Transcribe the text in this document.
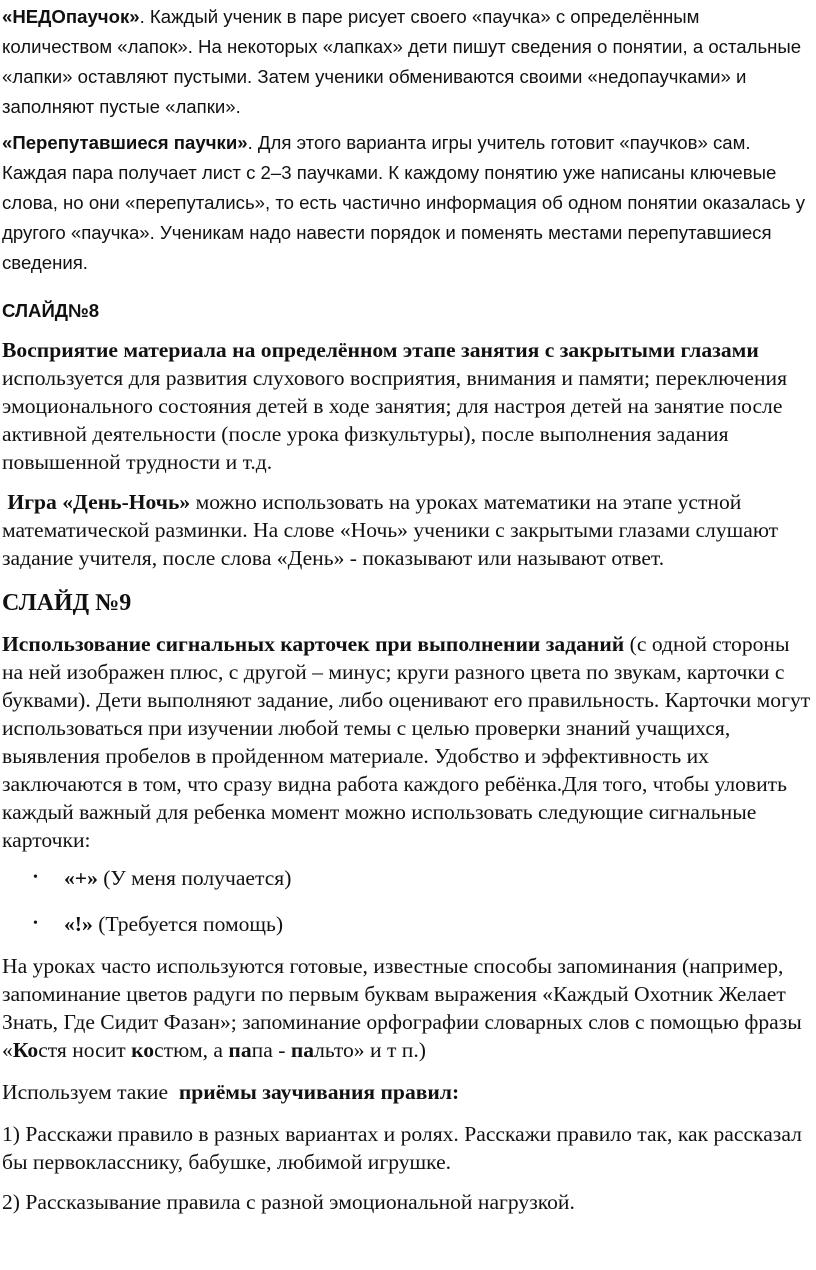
«НЕДОпаучок». Каждый ученик в паре рисует своего «паучка» с определённым количеством «лапок». На некоторых «лапках» дети пишут сведения о понятии, а остальные «лапки» оставляют пустыми. Затем ученики обмениваются своими «недопаучками» и заполняют пустые «лапки».

«Перепутавшиеся паучки». Для этого варианта игры учитель готовит «паучков» сам. Каждая пара получает лист с 2–3 паучками. К каждому понятию уже написаны ключевые слова, но они «перепутались», то есть частично информация об одном понятии оказалась у другого «паучка». Ученикам надо навести порядок и поменять местами перепутавшиеся сведения.

СЛАЙД№8

Восприятие материала на определённом этапе занятия с закрытыми глазами используется для развития слухового восприятия, внимания и памяти; переключения эмоционального состояния детей в ходе занятия; для настроя детей на занятие после активной деятельности (после урока физкультуры), после выполнения задания повышенной трудности и т.д.

Игра «День-Ночь» можно использовать на уроках математики на этапе устной математической разминки. На слове «Ночь» ученики с закрытыми глазами слушают задание учителя, после слова «День» - показывают или называют ответ.

СЛАЙД №9

Использование сигнальных карточек при выполнении заданий (с одной стороны на ней изображен плюс, с другой – минус; круги разного цвета по звукам, карточки с буквами). Дети выполняют задание, либо оценивают его правильность. Карточки могут использоваться при изучении любой темы с целью проверки знаний учащихся, выявления пробелов в пройденном материале. Удобство и эффективность их заключаются в том, что сразу видна работа каждого ребёнка.Для того, чтобы уловить каждый важный для ребенка момент можно использовать следующие сигнальные карточки:

• «+» (У меня получается)
• «!» (Требуется помощь)

На уроках часто используются готовые, известные способы запоминания (например, запоминание цветов радуги по первым буквам выражения «Каждый Охотник Желает Знать, Где Сидит Фазан»; запоминание орфографии словарных слов с помощью фразы «Костя носит костюм, а папа - пальто» и т п.)

Используем такие  приёмы заучивания правил:

1) Расскажи правило в разных вариантах и ролях. Расскажи правило так, как рассказал бы первокласснику, бабушке, любимой игрушке.

2) Рассказывание правила с разной эмоциональной нагрузкой.
